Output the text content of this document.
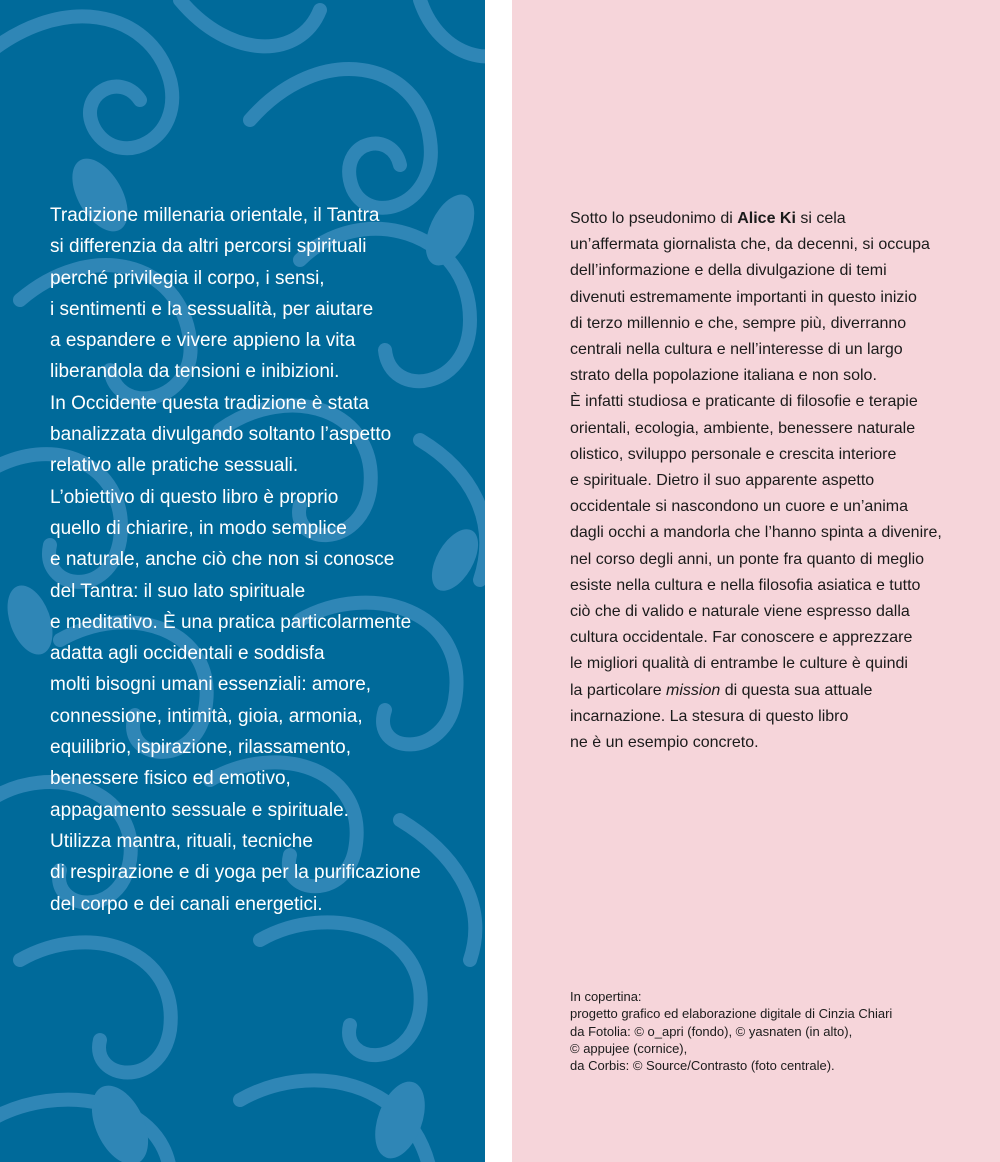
Tradizione millenaria orientale, il Tantra
si differenzia da altri percorsi spirituali
perché privilegia il corpo, i sensi,
i sentimenti e la sessualità, per aiutare
a espandere e vivere appieno la vita
liberandola da tensioni e inibizioni.
In Occidente questa tradizione è stata
banalizzata divulgando soltanto l’aspetto
relativo alle pratiche sessuali.
L’obiettivo di questo libro è proprio
quello di chiarire, in modo semplice
e naturale, anche ciò che non si conosce
del Tantra: il suo lato spirituale
e meditativo. È una pratica particolarmente
adatta agli occidentali e soddisfa
molti bisogni umani essenziali: amore,
connessione, intimità, gioia, armonia,
equilibrio, ispirazione, rilassamento,
benessere fisico ed emotivo,
appagamento sessuale e spirituale.
Utilizza mantra, rituali, tecniche
di respirazione e di yoga per la purificazione
del corpo e dei canali energetici.

Sotto lo pseudonimo di Alice Ki si cela
un’affermata giornalista che, da decenni, si occupa
dell’informazione e della divulgazione di temi
divenuti estremamente importanti in questo inizio
di terzo millennio e che, sempre più, diverranno
centrali nella cultura e nell’interesse di un largo
strato della popolazione italiana e non solo.
È infatti studiosa e praticante di filosofie e terapie
orientali, ecologia, ambiente, benessere naturale
olistico, sviluppo personale e crescita interiore
e spirituale. Dietro il suo apparente aspetto
occidentale si nascondono un cuore e un’anima
dagli occhi a mandorla che l’hanno spinta a divenire,
nel corso degli anni, un ponte fra quanto di meglio
esiste nella cultura e nella filosofia asiatica e tutto
ciò che di valido e naturale viene espresso dalla
cultura occidentale. Far conoscere e apprezzare
le migliori qualità di entrambe le culture è quindi
la particolare mission di questa sua attuale
incarnazione. La stesura di questo libro
ne è un esempio concreto.

In copertina:
progetto grafico ed elaborazione digitale di Cinzia Chiari
da Fotolia: © o_apri (fondo), © yasnaten (in alto),
© appujee (cornice),
da Corbis: © Source/Contrasto (foto centrale).
